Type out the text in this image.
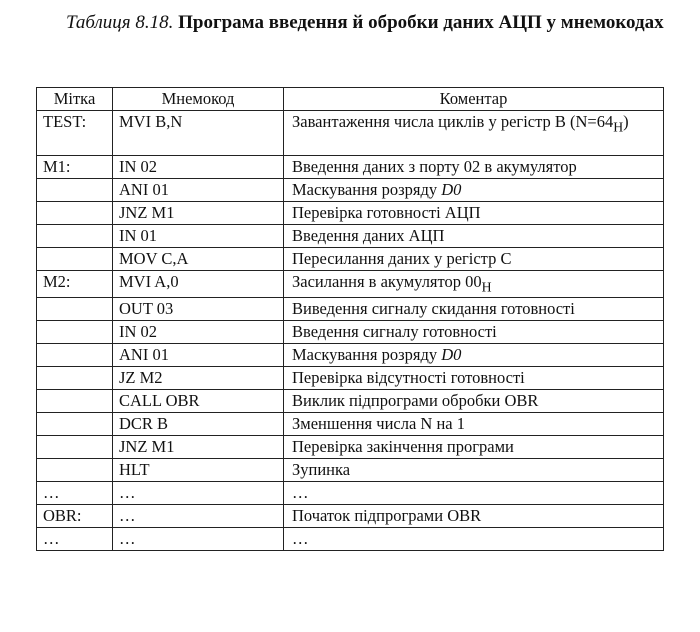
Таблиця 8.18. Програма введення й обробки даних АЦП у мнемокодах
Мітка	Мнемокод	Коментар
TEST:	MVI B,N	Завантаження числа циклів у регістр В $(N=64_H)$
M1:	IN 02	Введення даних з порту 02 в акумулятор
	ANI 01	Маскування розряду D0
	JNZ M1	Перевірка готовності АЦП
	IN 01	Введення даних АЦП
	MOV C,A	Пересилання даних у регістр С
M2:	MVI A,0	Засилання в акумулятор $00_H$
	OUT 03	Виведення сигналу скидання готовності
	IN 02	Введення сигналу готовності
	ANI 01	Маскування розряду D0
	JZ M2	Перевірка відсутності готовності
	CALL OBR	Виклик підпрограми обробки OBR
	DCR B	Зменшення числа N на 1
	JNZ M1	Перевірка закінчення програми
	HLT	Зупинка
…	…	…
OBR:	…	Початок підпрограми OBR
…	…	…
